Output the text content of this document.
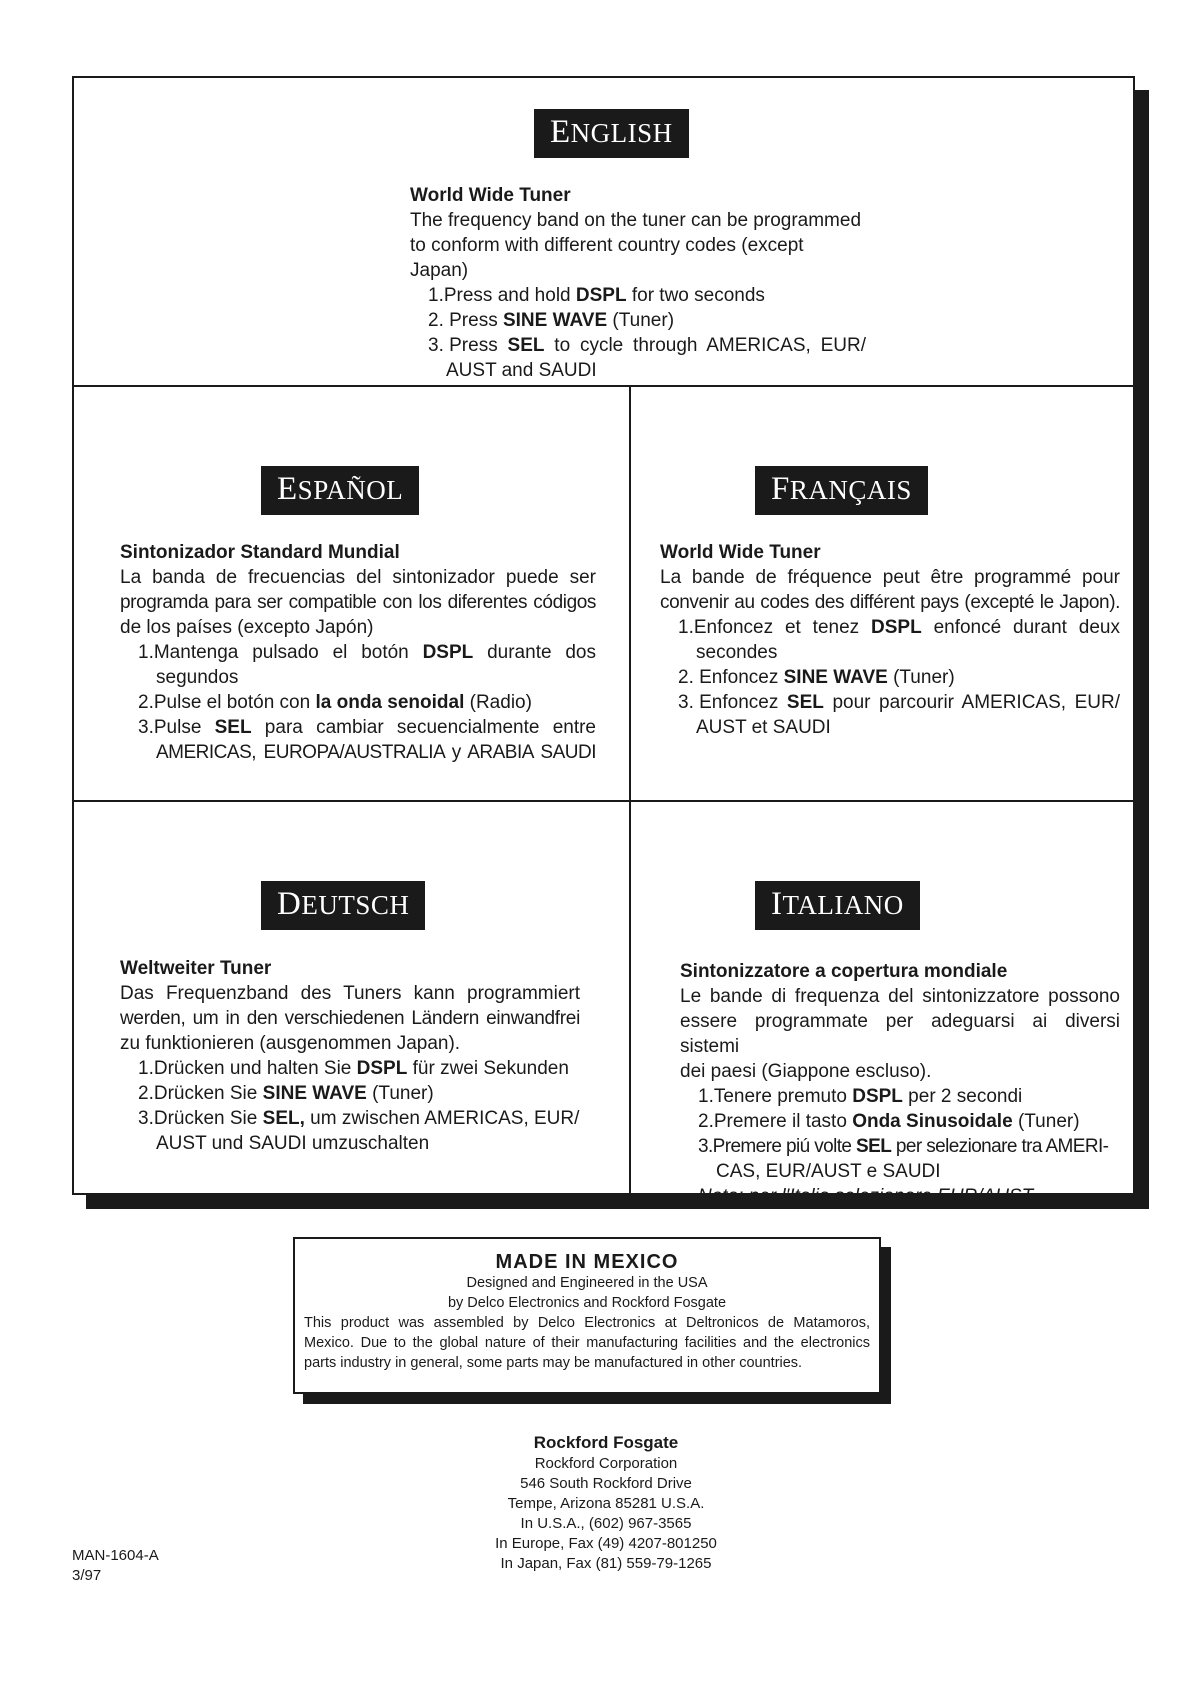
ENGLISH

World Wide Tuner

The frequency band on the tuner can be programmed

to conform with different country codes (except Japan)

1. Press and hold DSPL for two seconds
2. Press SINE WAVE (Tuner)
3. Press SEL to cycle through AMERICAS, EUR/

AUST and SAUDI

ESPAÑOL

Sintonizador Standard Mundial

La banda de frecuencias del sintonizador puede ser

programda para ser compatible con los diferentes códigos

de los países (excepto Japón)

1. Mantenga pulsado el botón DSPL durante dos

segundos

2. Pulse el botón con la onda senoidal (Radio)
3. Pulse SEL para cambiar secuencialmente entre

AMERICAS, EUROPA/AUSTRALIA y ARABIA SAUDI

FRANÇAIS

World Wide Tuner

La bande de fréquence peut être programmé pour

convenir au codes des différent pays (excepté le Japon).

1. Enfoncez et tenez DSPL enfoncé durant deux

secondes

2. Enfoncez SINE WAVE (Tuner)
3. Enfoncez SEL pour parcourir AMERICAS, EUR/

AUST et SAUDI

DEUTSCH

Weltweiter Tuner

Das Frequenzband des Tuners kann programmiert

werden, um in den verschiedenen Ländern einwandfrei

zu funktionieren (ausgenommen Japan).

1. Drücken und halten Sie DSPL für zwei Sekunden
2. Drücken Sie SINE WAVE (Tuner)
3. Drücken Sie SEL, um zwischen AMERICAS, EUR/

AUST und SAUDI umzuschalten

ITALIANO

Sintonizzatore a copertura mondiale

Le bande di frequenza del sintonizzatore possono

essere programmate per adeguarsi ai diversi sistemi

dei paesi (Giappone escluso).

1. Tenere premuto DSPL per 2 secondi
2. Premere il tasto Onda Sinusoidale (Tuner)
3. Premere piú volte SEL per selezionare tra AMERI-

CAS, EUR/AUST e SAUDI

Nota: per l'Italia selezionare EUR/AUST

MADE IN MEXICO
Designed and Engineered in the USA
by Delco Electronics and Rockford Fosgate

This product was assembled by Delco Electronics at Deltronicos de Matamoros, Mexico. Due to the global nature of their manufacturing facilities and the electronics parts industry in general, some parts may be manufactured in other countries.

Rockford Fosgate
Rockford Corporation
546 South Rockford Drive
Tempe, Arizona 85281 U.S.A.
In U.S.A., (602) 967-3565
In Europe, Fax (49) 4207-801250
In Japan, Fax (81) 559-79-1265
MAN-1604-A
3/97
